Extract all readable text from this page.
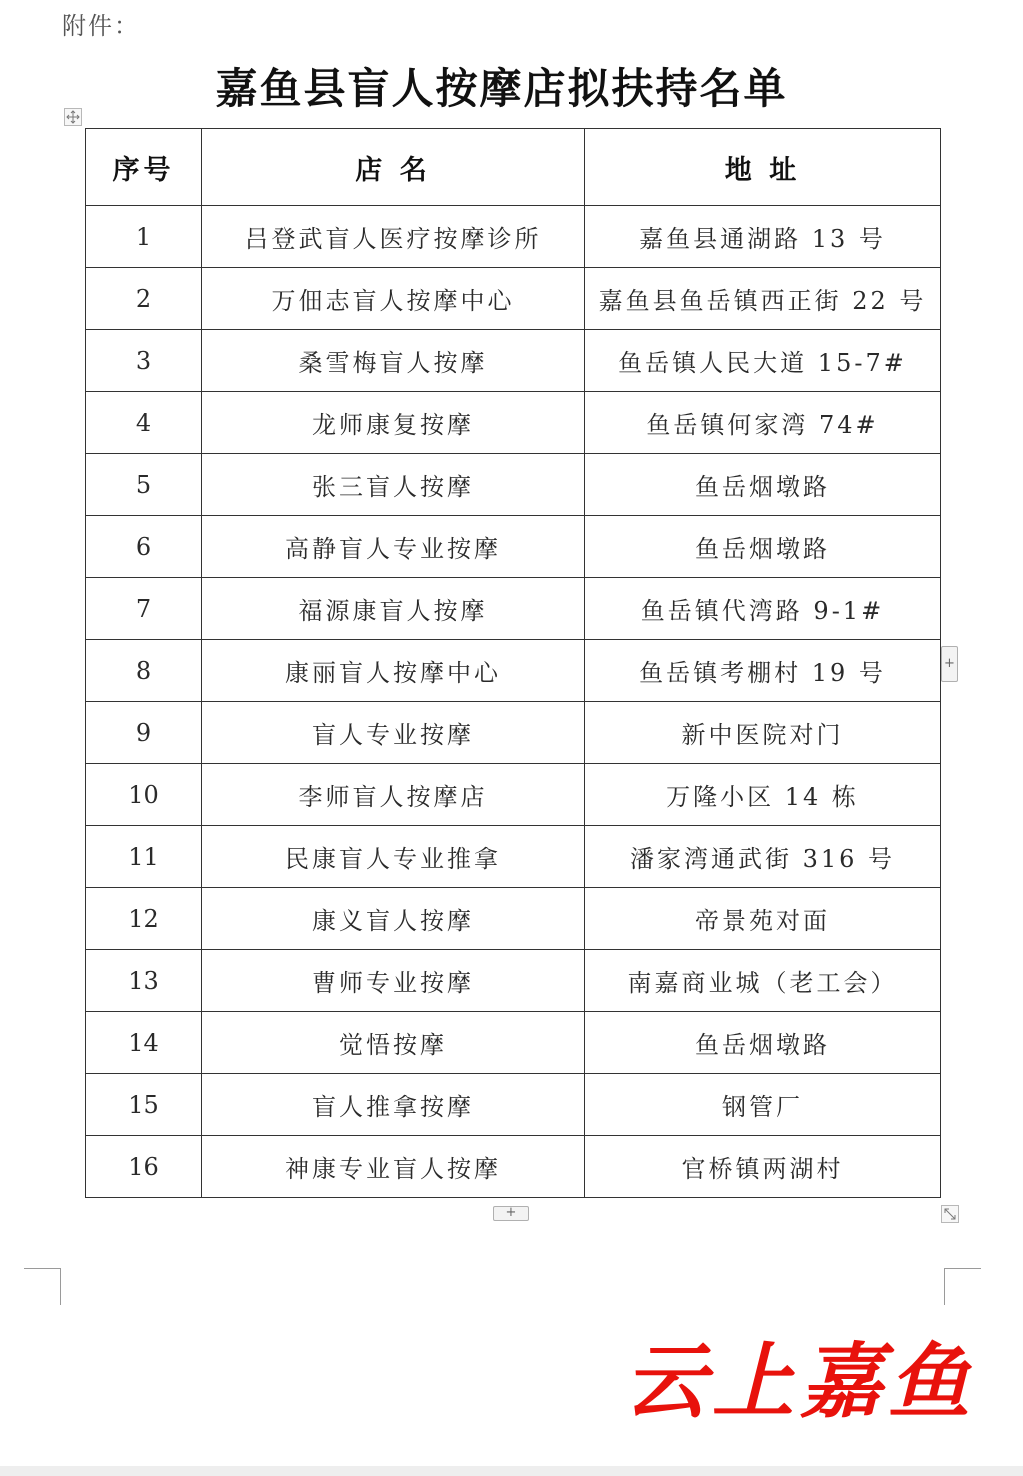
附件：
嘉鱼县盲人按摩店拟扶持名单
序号	店 名	地 址
1	吕登武盲人医疗按摩诊所	嘉鱼县通湖路 13 号
2	万佃志盲人按摩中心	嘉鱼县鱼岳镇西正街 22 号
3	桑雪梅盲人按摩	鱼岳镇人民大道 15-7#
4	龙师康复按摩	鱼岳镇何家湾 74#
5	张三盲人按摩	鱼岳烟墩路
6	高静盲人专业按摩	鱼岳烟墩路
7	福源康盲人按摩	鱼岳镇代湾路 9-1#
8	康丽盲人按摩中心	鱼岳镇考棚村 19 号
9	盲人专业按摩	新中医院对门
10	李师盲人按摩店	万隆小区 14 栋
11	民康盲人专业推拿	潘家湾通武街 316 号
12	康义盲人按摩	帝景苑对面
13	曹师专业按摩	南嘉商业城（老工会）
14	觉悟按摩	鱼岳烟墩路
15	盲人推拿按摩	钢管厂
16	神康专业盲人按摩	官桥镇两湖村
+
+
云上嘉鱼
